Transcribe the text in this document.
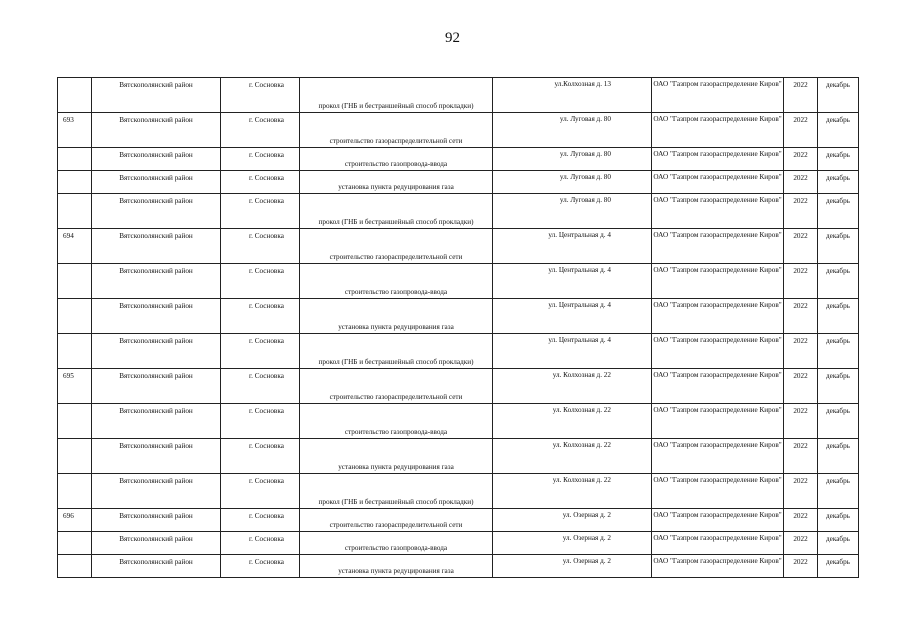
92
	Вятскополянский район	г. Сосновка	прокол (ГНБ и бестраншейный способ прокладки)	ул.Колхозная д. 13	ОАО "Газпром газораспределение Киров"	2022	декабрь
693	Вятскополянский район	г. Сосновка	строительство газораспределительной сети	ул. Луговая д. 80	ОАО "Газпром газораспределение Киров"	2022	декабрь
	Вятскополянский район	г. Сосновка	строительство газопровода-ввода	ул. Луговая д. 80	ОАО "Газпром газораспределение Киров"	2022	декабрь
	Вятскополянский район	г. Сосновка	установка пункта редуцирования газа	ул. Луговая д. 80	ОАО "Газпром газораспределение Киров"	2022	декабрь
	Вятскополянский район	г. Сосновка	прокол (ГНБ и бестраншейный способ прокладки)	ул. Луговая д. 80	ОАО "Газпром газораспределение Киров"	2022	декабрь
694	Вятскополянский район	г. Сосновка	строительство газораспределительной сети	ул. Центральная д. 4	ОАО "Газпром газораспределение Киров"	2022	декабрь
	Вятскополянский район	г. Сосновка	строительство газопровода-ввода	ул. Центральная д. 4	ОАО "Газпром газораспределение Киров"	2022	декабрь
	Вятскополянский район	г. Сосновка	установка пункта редуцирования газа	ул. Центральная д. 4	ОАО "Газпром газораспределение Киров"	2022	декабрь
	Вятскополянский район	г. Сосновка	прокол (ГНБ и бестраншейный способ прокладки)	ул. Центральная д. 4	ОАО "Газпром газораспределение Киров"	2022	декабрь
695	Вятскополянский район	г. Сосновка	строительство газораспределительной сети	ул. Колхозная д. 22	ОАО "Газпром газораспределение Киров"	2022	декабрь
	Вятскополянский район	г. Сосновка	строительство газопровода-ввода	ул. Колхозная д. 22	ОАО "Газпром газораспределение Киров"	2022	декабрь
	Вятскополянский район	г. Сосновка	установка пункта редуцирования газа	ул. Колхозная д. 22	ОАО "Газпром газораспределение Киров"	2022	декабрь
	Вятскополянский район	г. Сосновка	прокол (ГНБ и бестраншейный способ прокладки)	ул. Колхозная д. 22	ОАО "Газпром газораспределение Киров"	2022	декабрь
696	Вятскополянский район	г. Сосновка	строительство газораспределительной сети	ул. Озерная д. 2	ОАО "Газпром газораспределение Киров"	2022	декабрь
	Вятскополянский район	г. Сосновка	строительство газопровода-ввода	ул. Озерная д. 2	ОАО "Газпром газораспределение Киров"	2022	декабрь
	Вятскополянский район	г. Сосновка	установка пункта редуцирования газа	ул. Озерная д. 2	ОАО "Газпром газораспределение Киров"	2022	декабрь
